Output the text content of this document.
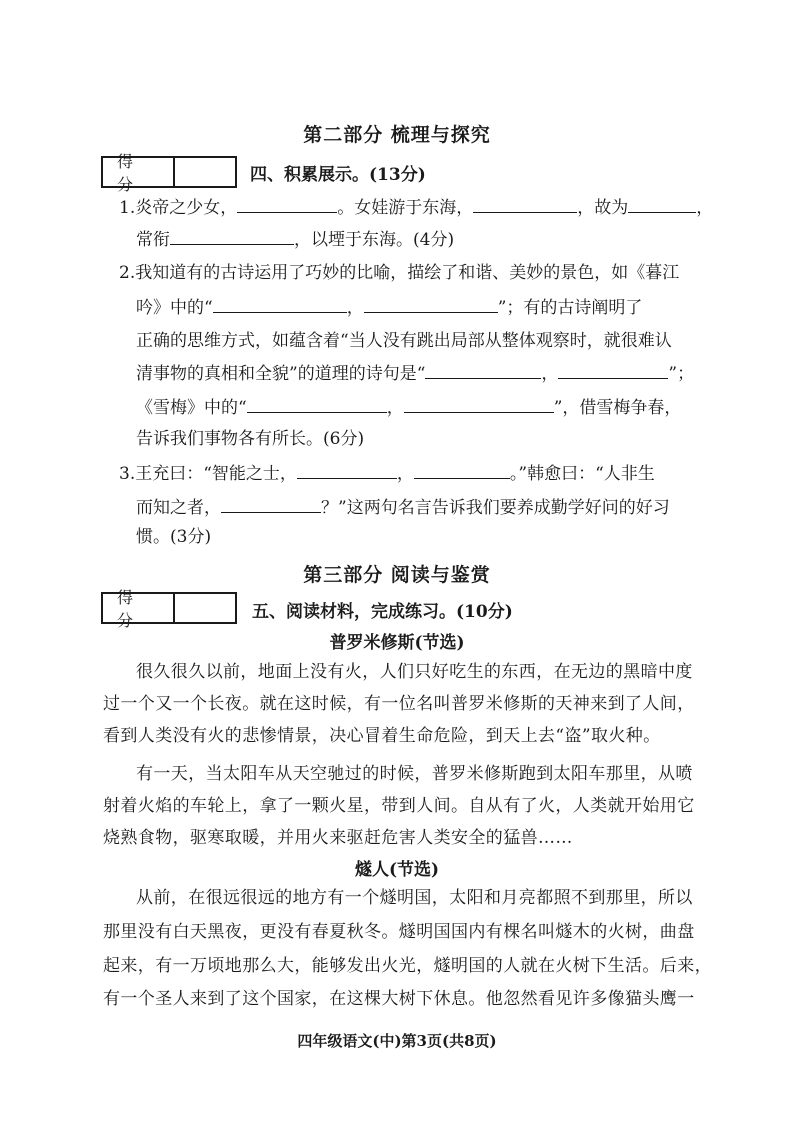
第二部分 梳理与探究
得分	四、积累展示。(13分)
1.炎帝之少女，	。女娃游于东海，	，故为	，
常衔	，以堙于东海。(4分)
2.我知道有的古诗运用了巧妙的比喻，描绘了和谐、美妙的景色，如《暮江
吟》中的“	，	”；有的古诗阐明了
正确的思维方式，如蕴含着“当人没有跳出局部从整体观察时，就很难认
清事物的真相和全貌”的道理的诗句是“	，	”；
《雪梅》中的“	，	”，借雪梅争春，
告诉我们事物各有所长。(6分)
3.王充曰：“智能之士，	，	。”韩愈曰：“人非生
而知之者，	？”这两句名言告诉我们要养成勤学好问的好习
惯。(3分)
第三部分 阅读与鉴赏
得分	五、阅读材料，完成练习。(10分)
普罗米修斯(节选)
很久很久以前，地面上没有火，人们只好吃生的东西，在无边的黑暗中度
过一个又一个长夜。就在这时候，有一位名叫普罗米修斯的天神来到了人间，
看到人类没有火的悲惨情景，决心冒着生命危险，到天上去“盗”取火种。
有一天，当太阳车从天空驰过的时候，普罗米修斯跑到太阳车那里，从喷
射着火焰的车轮上，拿了一颗火星，带到人间。自从有了火，人类就开始用它
烧熟食物，驱寒取暖，并用火来驱赶危害人类安全的猛兽……
燧人(节选)
从前，在很远很远的地方有一个燧明国，太阳和月亮都照不到那里，所以
那里没有白天黑夜，更没有春夏秋冬。燧明国国内有棵名叫燧木的火树，曲盘
起来，有一万顷地那么大，能够发出火光，燧明国的人就在火树下生活。后来，
有一个圣人来到了这个国家，在这棵大树下休息。他忽然看见许多像猫头鹰一
四年级语文(中)第3页(共8页)
